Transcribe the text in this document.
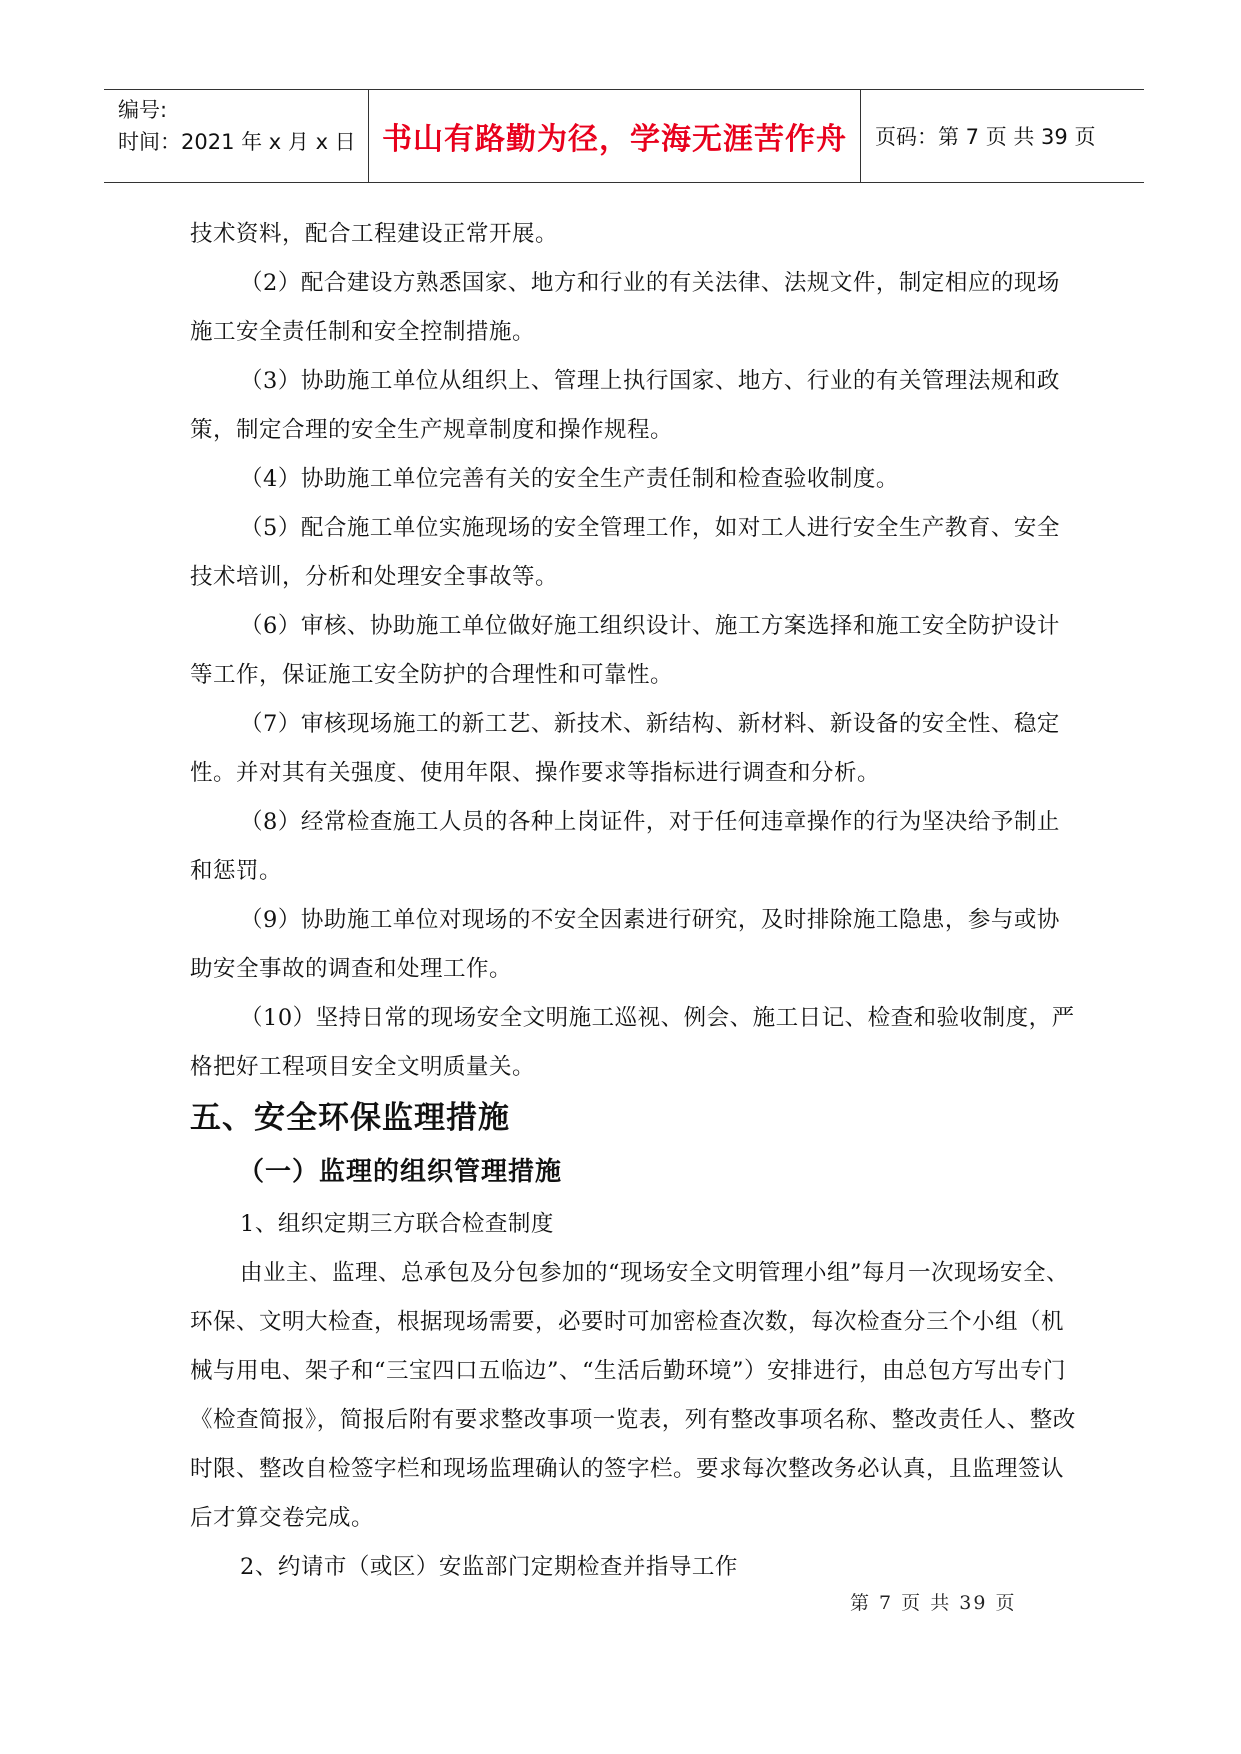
编号:
时间：2021 年 x 月 x 日 书山有路勤为径，学海无涯苦作舟 页码：第 7 页 共 39 页

技术资料，配合工程建设正常开展。

（2）配合建设方熟悉国家、地方和行业的有关法律、法规文件，制定相应的现场施工安全责任制和安全控制措施。

（3）协助施工单位从组织上、管理上执行国家、地方、行业的有关管理法规和政策，制定合理的安全生产规章制度和操作规程。

（4）协助施工单位完善有关的安全生产责任制和检查验收制度。

（5）配合施工单位实施现场的安全管理工作，如对工人进行安全生产教育、安全技术培训，分析和处理安全事故等。

（6）审核、协助施工单位做好施工组织设计、施工方案选择和施工安全防护设计等工作，保证施工安全防护的合理性和可靠性。

（7）审核现场施工的新工艺、新技术、新结构、新材料、新设备的安全性、稳定性。并对其有关强度、使用年限、操作要求等指标进行调查和分析。

（8）经常检查施工人员的各种上岗证件，对于任何违章操作的行为坚决给予制止和惩罚。

（9）协助施工单位对现场的不安全因素进行研究，及时排除施工隐患，参与或协助安全事故的调查和处理工作。

（10）坚持日常的现场安全文明施工巡视、例会、施工日记、检查和验收制度，严格把好工程项目安全文明质量关。

五、安全环保监理措施
（一）监理的组织管理措施

1、组织定期三方联合检查制度

由业主、监理、总承包及分包参加的“现场安全文明管理小组”每月一次现场安全、环保、文明大检查，根据现场需要，必要时可加密检查次数，每次检查分三个小组（机械与用电、架子和“三宝四口五临边”、“生活后勤环境”）安排进行，由总包方写出专门《检查简报》，简报后附有要求整改事项一览表，列有整改事项名称、整改责任人、整改时限、整改自检签字栏和现场监理确认的签字栏。要求每次整改务必认真，且监理签认后才算交卷完成。

2、约请市（或区）安监部门定期检查并指导工作

第 7 页 共 39 页
